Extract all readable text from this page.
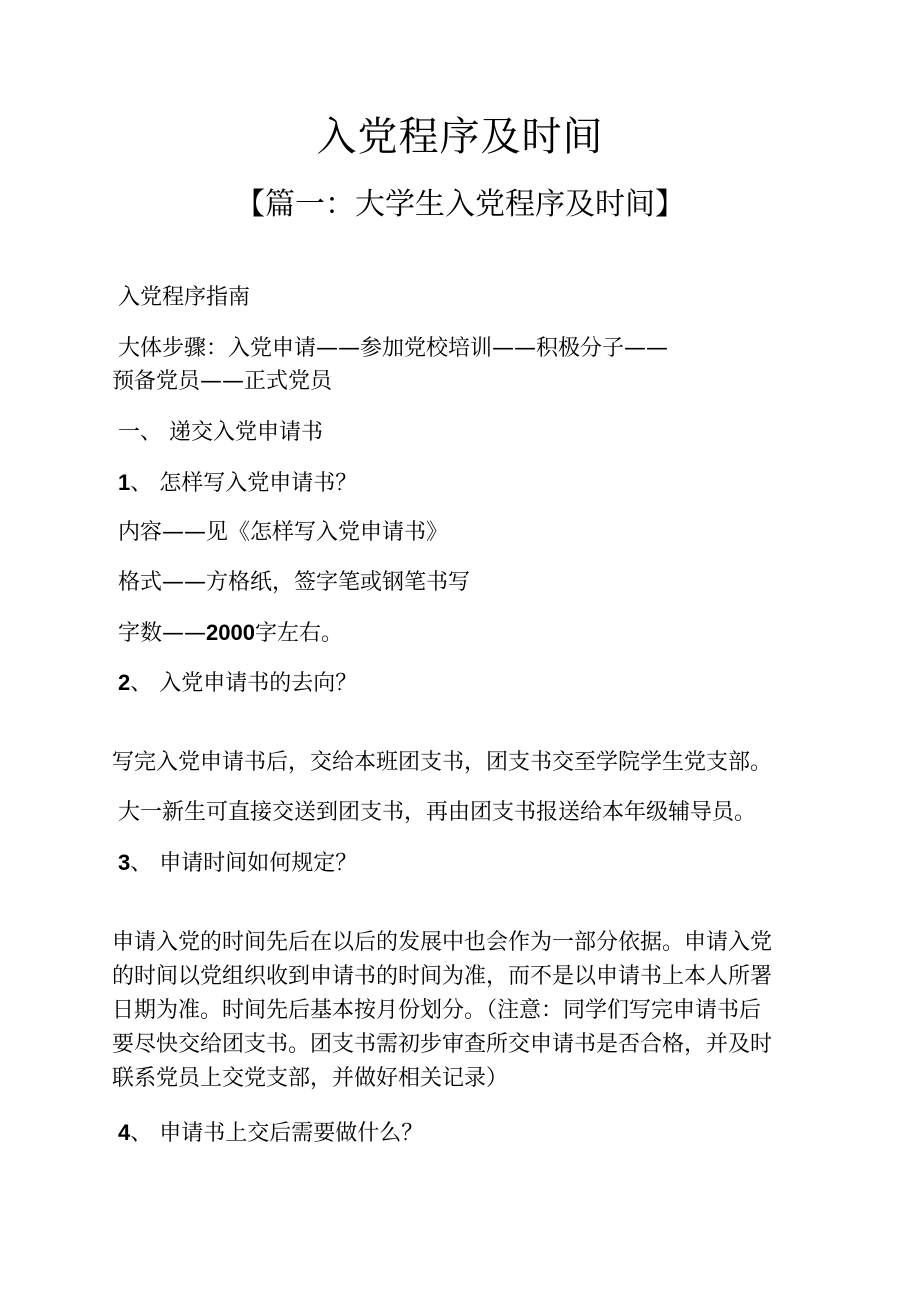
入党程序及时间
【篇一：大学生入党程序及时间】

入党程序指南

大体步骤：入党申请——参加党校培训——积极分子——

预备党员——正式党员

一、 递交入党申请书

1、 怎样写入党申请书？

内容——见《怎样写入党申请书》

格式——方格纸，签字笔或钢笔书写

字数——2000字左右。

2、 入党申请书的去向？

写完入党申请书后，交给本班团支书，团支书交至学院学生党支部。

大一新生可直接交送到团支书，再由团支书报送给本年级辅导员。

3、 申请时间如何规定？

申请入党的时间先后在以后的发展中也会作为一部分依据。申请入党
的时间以党组织收到申请书的时间为准，而不是以申请书上本人所署
日期为准。时间先后基本按月份划分。（注意：同学们写完申请书后
要尽快交给团支书。团支书需初步审查所交申请书是否合格，并及时
联系党员上交党支部，并做好相关记录）

4、 申请书上交后需要做什么？
